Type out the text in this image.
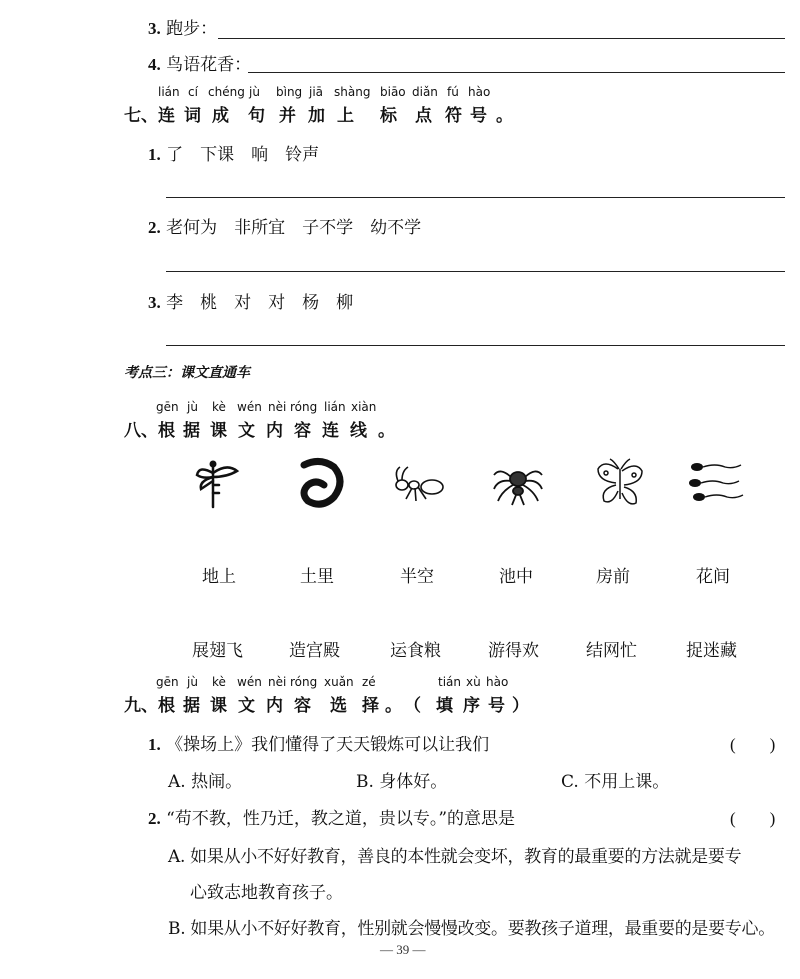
3. 跑步：
4. 鸟语花香：
lián cí chéng jù bìng jiā shàng biāo diǎn fú hào
七、 连 词 成 句 并 加 上 标 点 符 号 。
1. 了　下课　响　铃声
2. 老何为　非所宜　子不学　幼不学
3. 李　桃　对　对　杨　柳
考点三：课文直通车
gēn jù kè wén nèi róng lián xiàn
八、 根 据 课 文 内 容 连 线 。
地上	土里	半空	池中	房前	花间
展翅飞	造宫殿	运食粮	游得欢	结网忙	捉迷藏
gēn jù kè wén nèi róng xuǎn zé	tián xù hào
九、 根 据 课 文 内 容 选 择 。 （ 填 序 号 ）
1. 《操场上》我们懂得了天天锻炼可以让我们	(　　)
A. 热闹。	B. 身体好。	C. 不用上课。
2. “苟不教，性乃迁，教之道，贵以专。”的意思是	(　　)
A. 如果从小不好好教育，善良的本性就会变坏，教育的最重要的方法就是要专
心致志地教育孩子。
B. 如果从小不好好教育，性别就会慢慢改变。要教孩子道理，最重要的是要专心。
— 39 —
